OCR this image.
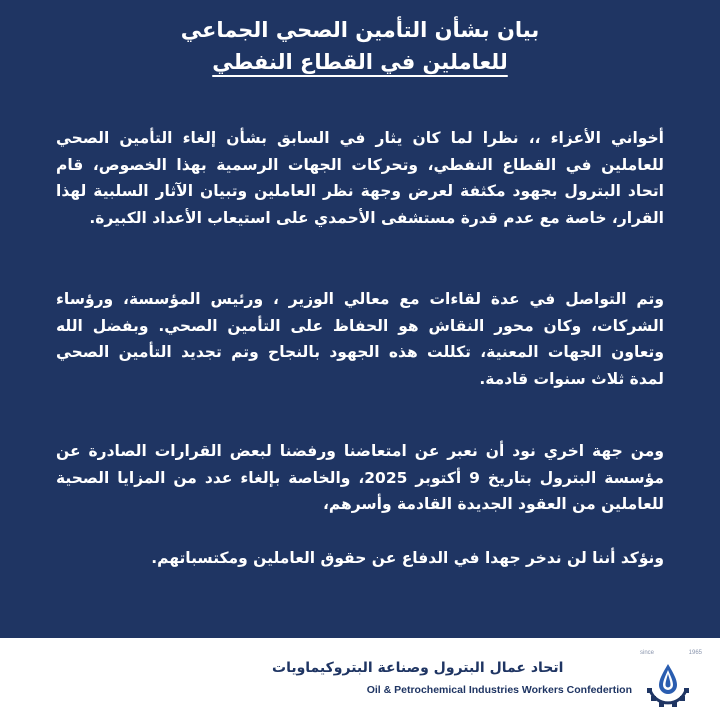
بيان بشأن التأمين الصحي الجماعي
للعاملين في القطاع النفطي
أخواني الأعزاء ،، نظرا لما كان يثار في السابق بشأن إلغاء التأمين الصحي للعاملين في القطاع النفطي، وتحركات الجهات الرسمية بهذا الخصوص، قام اتحاد البترول بجهود مكثفة لعرض وجهة نظر العاملين وتبيان الآثار السلبية لهذا القرار، خاصة مع عدم قدرة مستشفى الأحمدي على استيعاب الأعداد الكبيرة.
وتم التواصل في عدة لقاءات مع معالي الوزير ، ورئيس المؤسسة، ورؤساء الشركات، وكان محور النقاش هو الحفاظ على التأمين الصحي. وبفضل الله وتعاون الجهات المعنية، تكللت هذه الجهود بالنجاح وتم تجديد التأمين الصحي لمدة ثلاث سنوات قادمة.
ومن جهة اخري نود أن نعبر عن امتعاضنا ورفضنا لبعض القرارات الصادرة عن مؤسسة البترول بتاريخ 9 أكتوبر 2025، والخاصة بإلغاء عدد من المزايا الصحية للعاملين من العقود الجديدة القادمة وأسرهم،
ونؤكد أننا لن ندخر جهدا في الدفاع عن حقوق العاملين ومكتسباتهم.
اتحاد عمال البترول وصناعة البتروكيماويات
Oil & Petrochemical Industries Workers Confedertion
since	1965
